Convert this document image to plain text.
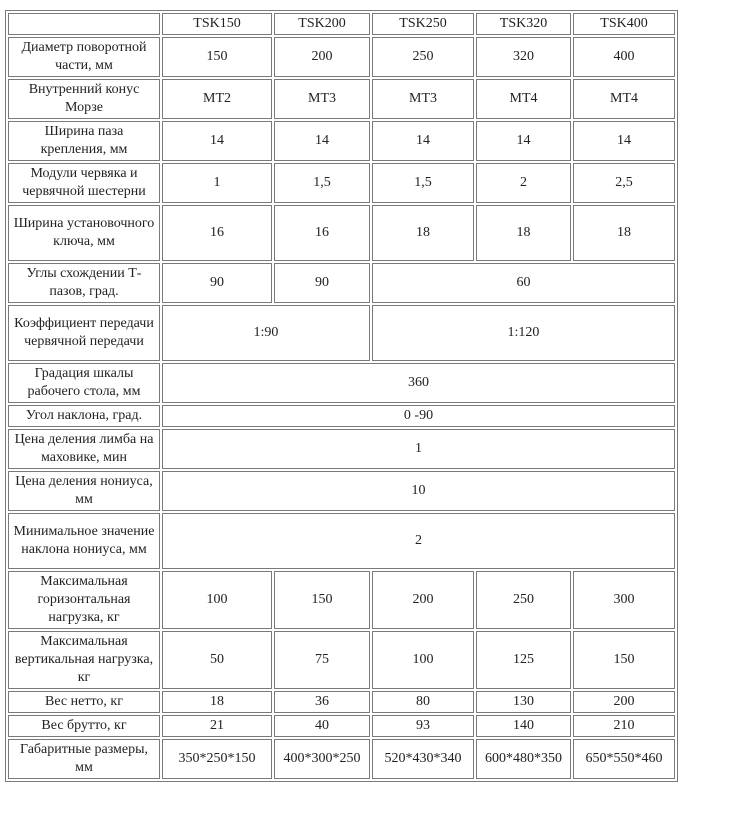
	TSK150	TSK200	TSK250	TSK320	TSK400
Диаметр поворотной части, мм	150	200	250	320	400
Внутренний конус Морзе	MT2	MT3	MT3	MT4	MT4
Ширина паза крепления, мм	14	14	14	14	14
Модули червяка и червячной шестерни	1	1,5	1,5	2	2,5
Ширина установочного ключа, мм	16	16	18	18	18
Углы схождении Т-пазов, град.	90	90	60		
Коэффициент передачи червячной передачи	1:90		1:120		
Градация шкалы рабочего стола, мм	360				
Угол наклона, град.	0 -90				
Цена деления лимба на маховике, мин	1				
Цена деления нониуса, мм	10				
Минимальное значение наклона нониуса, мм	2				
Максимальная горизонтальная нагрузка, кг	100	150	200	250	300
Максимальная вертикальная нагрузка, кг	50	75	100	125	150
Вес нетто, кг	18	36	80	130	200
Вес брутто, кг	21	40	93	140	210
Габаритные размеры, мм	350*250*150	400*300*250	520*430*340	600*480*350	650*550*460
